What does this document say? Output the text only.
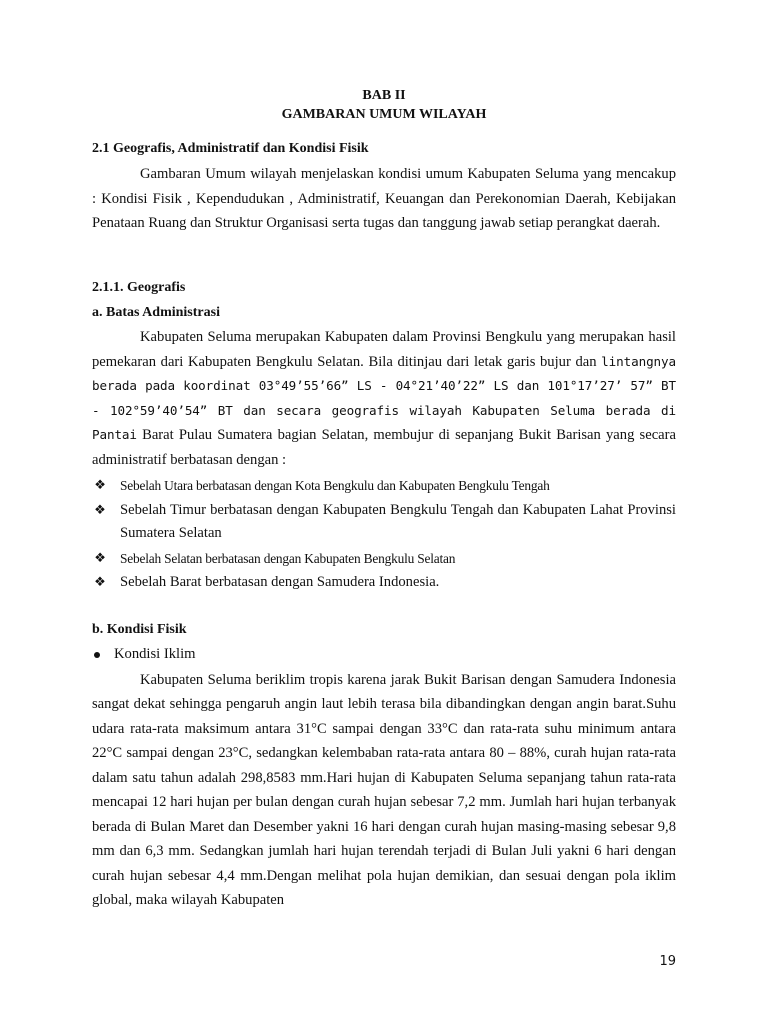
BAB II
GAMBARAN UMUM WILAYAH

2.1 Geografis, Administratif dan Kondisi Fisik

Gambaran Umum wilayah menjelaskan kondisi umum Kabupaten Seluma yang mencakup : Kondisi Fisik , Kependudukan , Administratif, Keuangan dan Perekonomian Daerah, Kebijakan Penataan Ruang dan Struktur Organisasi serta tugas dan tanggung jawab setiap perangkat daerah.

2.1.1. Geografis

a. Batas Administrasi

Kabupaten Seluma merupakan Kabupaten dalam Provinsi Bengkulu yang merupakan hasil pemekaran dari Kabupaten Bengkulu Selatan. Bila ditinjau dari letak garis bujur dan lintangnya berada pada koordinat 03°49’55’66” LS - 04°21’40’22” LS dan 101°17’27’ 57” BT - 102°59’40’54” BT dan secara geografis wilayah Kabupaten Seluma berada di Pantai Barat Pulau Sumatera bagian Selatan, membujur di sepanjang Bukit Barisan yang secara administratif berbatasan dengan :

❖ Sebelah Utara berbatasan dengan Kota Bengkulu dan Kabupaten Bengkulu Tengah
❖ Sebelah Timur berbatasan dengan Kabupaten Bengkulu Tengah dan Kabupaten Lahat Provinsi Sumatera Selatan
❖ Sebelah Selatan berbatasan dengan Kabupaten Bengkulu Selatan
❖ Sebelah Barat berbatasan dengan Samudera Indonesia.

b. Kondisi Fisik

Kondisi Iklim

Kabupaten Seluma beriklim tropis karena jarak Bukit Barisan dengan Samudera Indonesia sangat dekat sehingga pengaruh angin laut lebih terasa bila dibandingkan dengan angin barat.Suhu udara rata-rata maksimum antara 31°C sampai dengan 33°C dan rata-rata suhu minimum antara 22°C sampai dengan 23°C, sedangkan kelembaban rata-rata antara 80 – 88%, curah hujan rata-rata dalam satu tahun adalah 298,8583 mm.Hari hujan di Kabupaten Seluma sepanjang tahun rata-rata mencapai 12 hari hujan per bulan dengan curah hujan sebesar 7,2 mm. Jumlah hari hujan terbanyak berada di Bulan Maret dan Desember yakni 16 hari dengan curah hujan masing-masing sebesar 9,8 mm dan 6,3 mm. Sedangkan jumlah hari hujan terendah terjadi di Bulan Juli yakni 6 hari dengan curah hujan sebesar 4,4 mm.Dengan melihat pola hujan demikian, dan sesuai dengan pola iklim global, maka wilayah Kabupaten

19
